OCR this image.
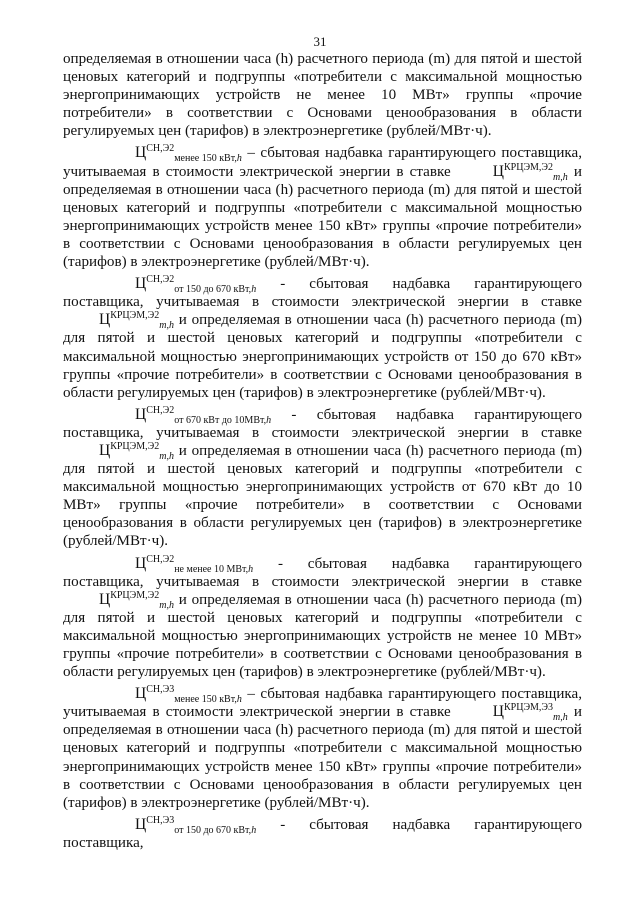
31

определяемая в отношении часа (h) расчетного периода (m) для пятой и шестой ценовых категорий и подгруппы «потребители с максимальной мощностью энергопринимающих устройств не менее 10 МВт» группы «прочие потребители» в соответствии с Основами ценообразования в области регулируемых цен (тарифов) в электроэнергетике (рублей/МВт·ч).

$Ц^{СН,Э2}_{менее 150 кВт,h}$ – сбытовая надбавка гарантирующего поставщика, учитываемая в стоимости электрической энергии в ставке $Ц^{КРЦЭМ,Э2}_{m,h}$ и определяемая в отношении часа (h) расчетного периода (m) для пятой и шестой ценовых категорий и подгруппы «потребители с максимальной мощностью энергопринимающих устройств менее 150 кВт» группы «прочие потребители» в соответствии с Основами ценообразования в области регулируемых цен (тарифов) в электроэнергетике (рублей/МВт·ч).

$Ц^{СН,Э2}_{от 150 до 670 кВт,h}$ - сбытовая надбавка гарантирующего поставщика, учитываемая в стоимости электрической энергии в ставке $Ц^{КРЦЭМ,Э2}_{m,h}$ и определяемая в отношении часа (h) расчетного периода (m) для пятой и шестой ценовых категорий и подгруппы «потребители с максимальной мощностью энергопринимающих устройств от 150 до 670 кВт» группы «прочие потребители» в соответствии с Основами ценообразования в области регулируемых цен (тарифов) в электроэнергетике (рублей/МВт·ч).

$Ц^{СН,Э2}_{от 670 кВт до 10МВт,h}$ - сбытовая надбавка гарантирующего поставщика, учитываемая в стоимости электрической энергии в ставке $Ц^{КРЦЭМ,Э2}_{m,h}$ и определяемая в отношении часа (h) расчетного периода (m) для пятой и шестой ценовых категорий и подгруппы «потребители с максимальной мощностью энергопринимающих устройств от 670 кВт до 10 МВт» группы «прочие потребители» в соответствии с Основами ценообразования в области регулируемых цен (тарифов) в электроэнергетике (рублей/МВт·ч).

$Ц^{СН,Э2}_{не менее 10 МВт,h}$ - сбытовая надбавка гарантирующего поставщика, учитываемая в стоимости электрической энергии в ставке $Ц^{КРЦЭМ,Э2}_{m,h}$ и определяемая в отношении часа (h) расчетного периода (m) для пятой и шестой ценовых категорий и подгруппы «потребители с максимальной мощностью энергопринимающих устройств не менее 10 МВт» группы «прочие потребители» в соответствии с Основами ценообразования в области регулируемых цен (тарифов) в электроэнергетике (рублей/МВт·ч).

$Ц^{СН,Э3}_{менее 150 кВт,h}$ – сбытовая надбавка гарантирующего поставщика, учитываемая в стоимости электрической энергии в ставке $Ц^{КРЦЭМ,Э3}_{m,h}$ и определяемая в отношении часа (h) расчетного периода (m) для пятой и шестой ценовых категорий и подгруппы «потребители с максимальной мощностью энергопринимающих устройств менее 150 кВт» группы «прочие потребители» в соответствии с Основами ценообразования в области регулируемых цен (тарифов) в электроэнергетике (рублей/МВт·ч).

$Ц^{СН,Э3}_{от 150 до 670 кВт,h}$ - сбытовая надбавка гарантирующего поставщика,
